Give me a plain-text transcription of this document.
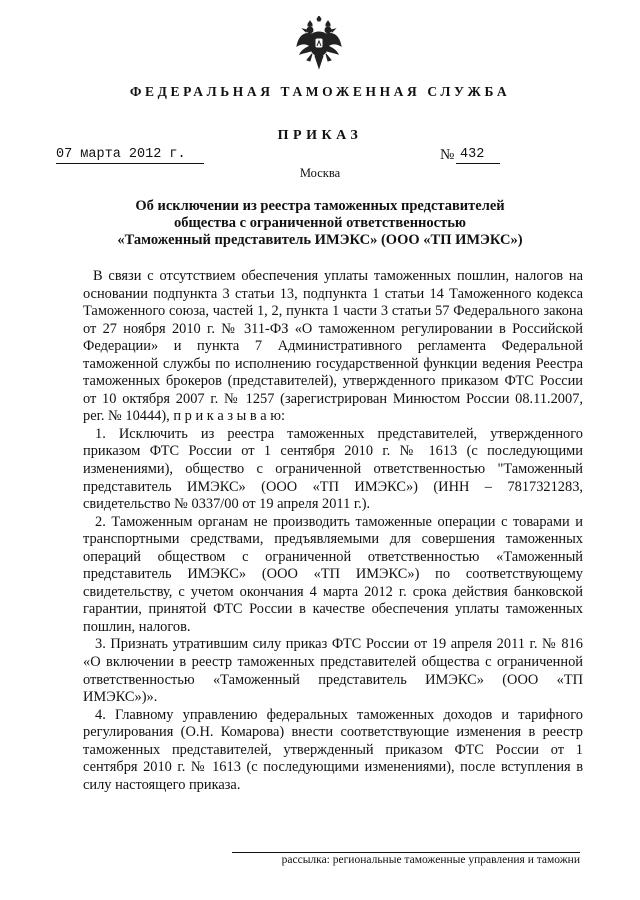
ФЕДЕРАЛЬНАЯ ТАМОЖЕННАЯ СЛУЖБА
ПРИКАЗ
07 марта 2012 г.	№ 432
Москва
Об исключении из реестра таможенных представителей
общества с ограниченной ответственностью
«Таможенный представитель ИМЭКС» (ООО «ТП ИМЭКС»)

В связи с отсутствием обеспечения уплаты таможенных пошлин, налогов на основании подпункта 3 статьи 13, подпункта 1 статьи 14 Таможенного кодекса Таможенного союза, частей 1, 2, пункта 1 части 3 статьи 57 Федерального закона от 27 ноября 2010 г. № 311-ФЗ «О таможенном регулировании в Российской Федерации» и пункта 7 Административного регламента Федеральной таможенной службы по исполнению государственной функции ведения Реестра таможенных брокеров (представителей), утвержденного приказом ФТС России от 10 октября 2007 г. № 1257 (зарегистрирован Минюстом России 08.11.2007, рег. № 10444), п р и к а з ы в а ю:

1. Исключить из реестра таможенных представителей, утвержденного приказом ФТС России от 1 сентября 2010 г. № 1613 (с последующими изменениями), общество с ограниченной ответственностью "Таможенный представитель ИМЭКС» (ООО «ТП ИМЭКС») (ИНН – 7817321283, свидетельство № 0337/00 от 19 апреля 2011 г.).

2. Таможенным органам не производить таможенные операции с товарами и транспортными средствами, предъявляемыми для совершения таможенных операций обществом с ограниченной ответственностью «Таможенный представитель ИМЭКС» (ООО «ТП ИМЭКС») по соответствующему свидетельству, с учетом окончания 4 марта 2012 г. срока действия банковской гарантии, принятой ФТС России в качестве обеспечения уплаты таможенных пошлин, налогов.

3. Признать утратившим силу приказ ФТС России от 19 апреля 2011 г. № 816 «О включении в реестр таможенных представителей общества с ограниченной ответственностью «Таможенный представитель ИМЭКС» (ООО «ТП ИМЭКС»)».

4. Главному управлению федеральных таможенных доходов и тарифного регулирования (О.Н. Комарова) внести соответствующие изменения в реестр таможенных представителей, утвержденный приказом ФТС России от 1 сентября 2010 г. № 1613 (с последующими изменениями), после вступления в силу настоящего приказа.

рассылка: региональные таможенные управления и таможни
